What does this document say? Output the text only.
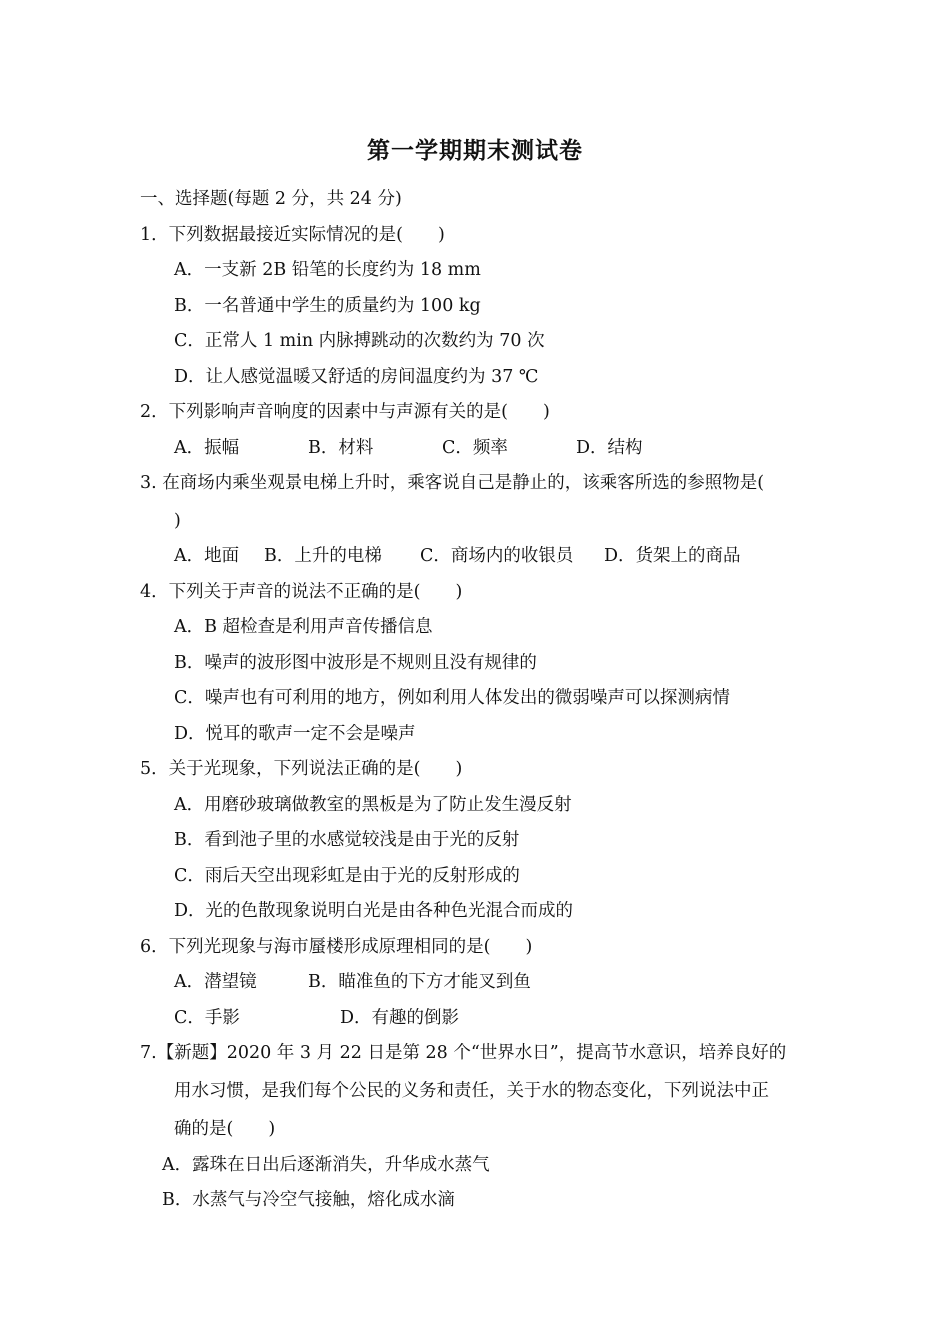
第一学期期末测试卷
一、选择题(每题 2 分，共 24 分)
1．下列数据最接近实际情况的是(　　)
A．一支新 2B 铅笔的长度约为 18 mm
B．一名普通中学生的质量约为 100 kg
C．正常人 1 min 内脉搏跳动的次数约为 70 次
D．让人感觉温暖又舒适的房间温度约为 37 ℃
2．下列影响声音响度的因素中与声源有关的是(　　)
A．振幅	B．材料	C．频率	D．结构
3. 在商场内乘坐观景电梯上升时，乘客说自己是静止的，该乘客所选的参照物是(
)
A．地面 B．上升的电梯 C．商场内的收银员 D．货架上的商品
4．下列关于声音的说法不正确的是(　　)
A．B 超检查是利用声音传播信息
B．噪声的波形图中波形是不规则且没有规律的
C．噪声也有可利用的地方，例如利用人体发出的微弱噪声可以探测病情
D．悦耳的歌声一定不会是噪声
5．关于光现象，下列说法正确的是(　　)
A．用磨砂玻璃做教室的黑板是为了防止发生漫反射
B．看到池子里的水感觉较浅是由于光的反射
C．雨后天空出现彩虹是由于光的反射形成的
D．光的色散现象说明白光是由各种色光混合而成的
6．下列光现象与海市蜃楼形成原理相同的是(　　)
A．潜望镜	B．瞄准鱼的下方才能叉到鱼
C．手影	D．有趣的倒影
7.【新题】2020 年 3 月 22 日是第 28 个“世界水日”，提高节水意识，培养良好的
用水习惯，是我们每个公民的义务和责任，关于水的物态变化，下列说法中正
确的是(　　)
A．露珠在日出后逐渐消失，升华成水蒸气
B．水蒸气与冷空气接触，熔化成水滴
